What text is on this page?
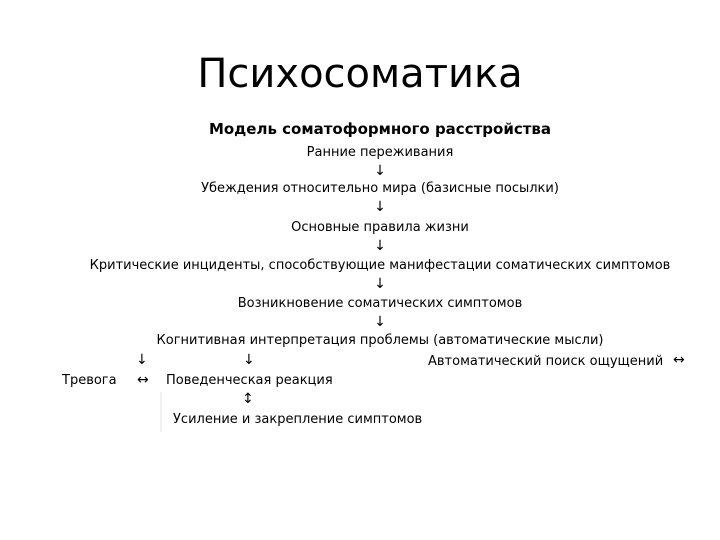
Психосоматика
Модель соматоформного расстройства
Ранние переживания
↓
Убеждения относительно мира (базисные посылки)
↓
Основные правила жизни
↓
Критические инциденты, способствующие манифестации соматических симптомов
↓
Возникновение соматических симптомов
↓
Когнитивная интерпретация проблемы (автоматические мысли)
↓	↓	Автоматический поиск ощущений ↔
Тревога ↔ Поведенческая реакция
↕
Усиление и закрепление симптомов
